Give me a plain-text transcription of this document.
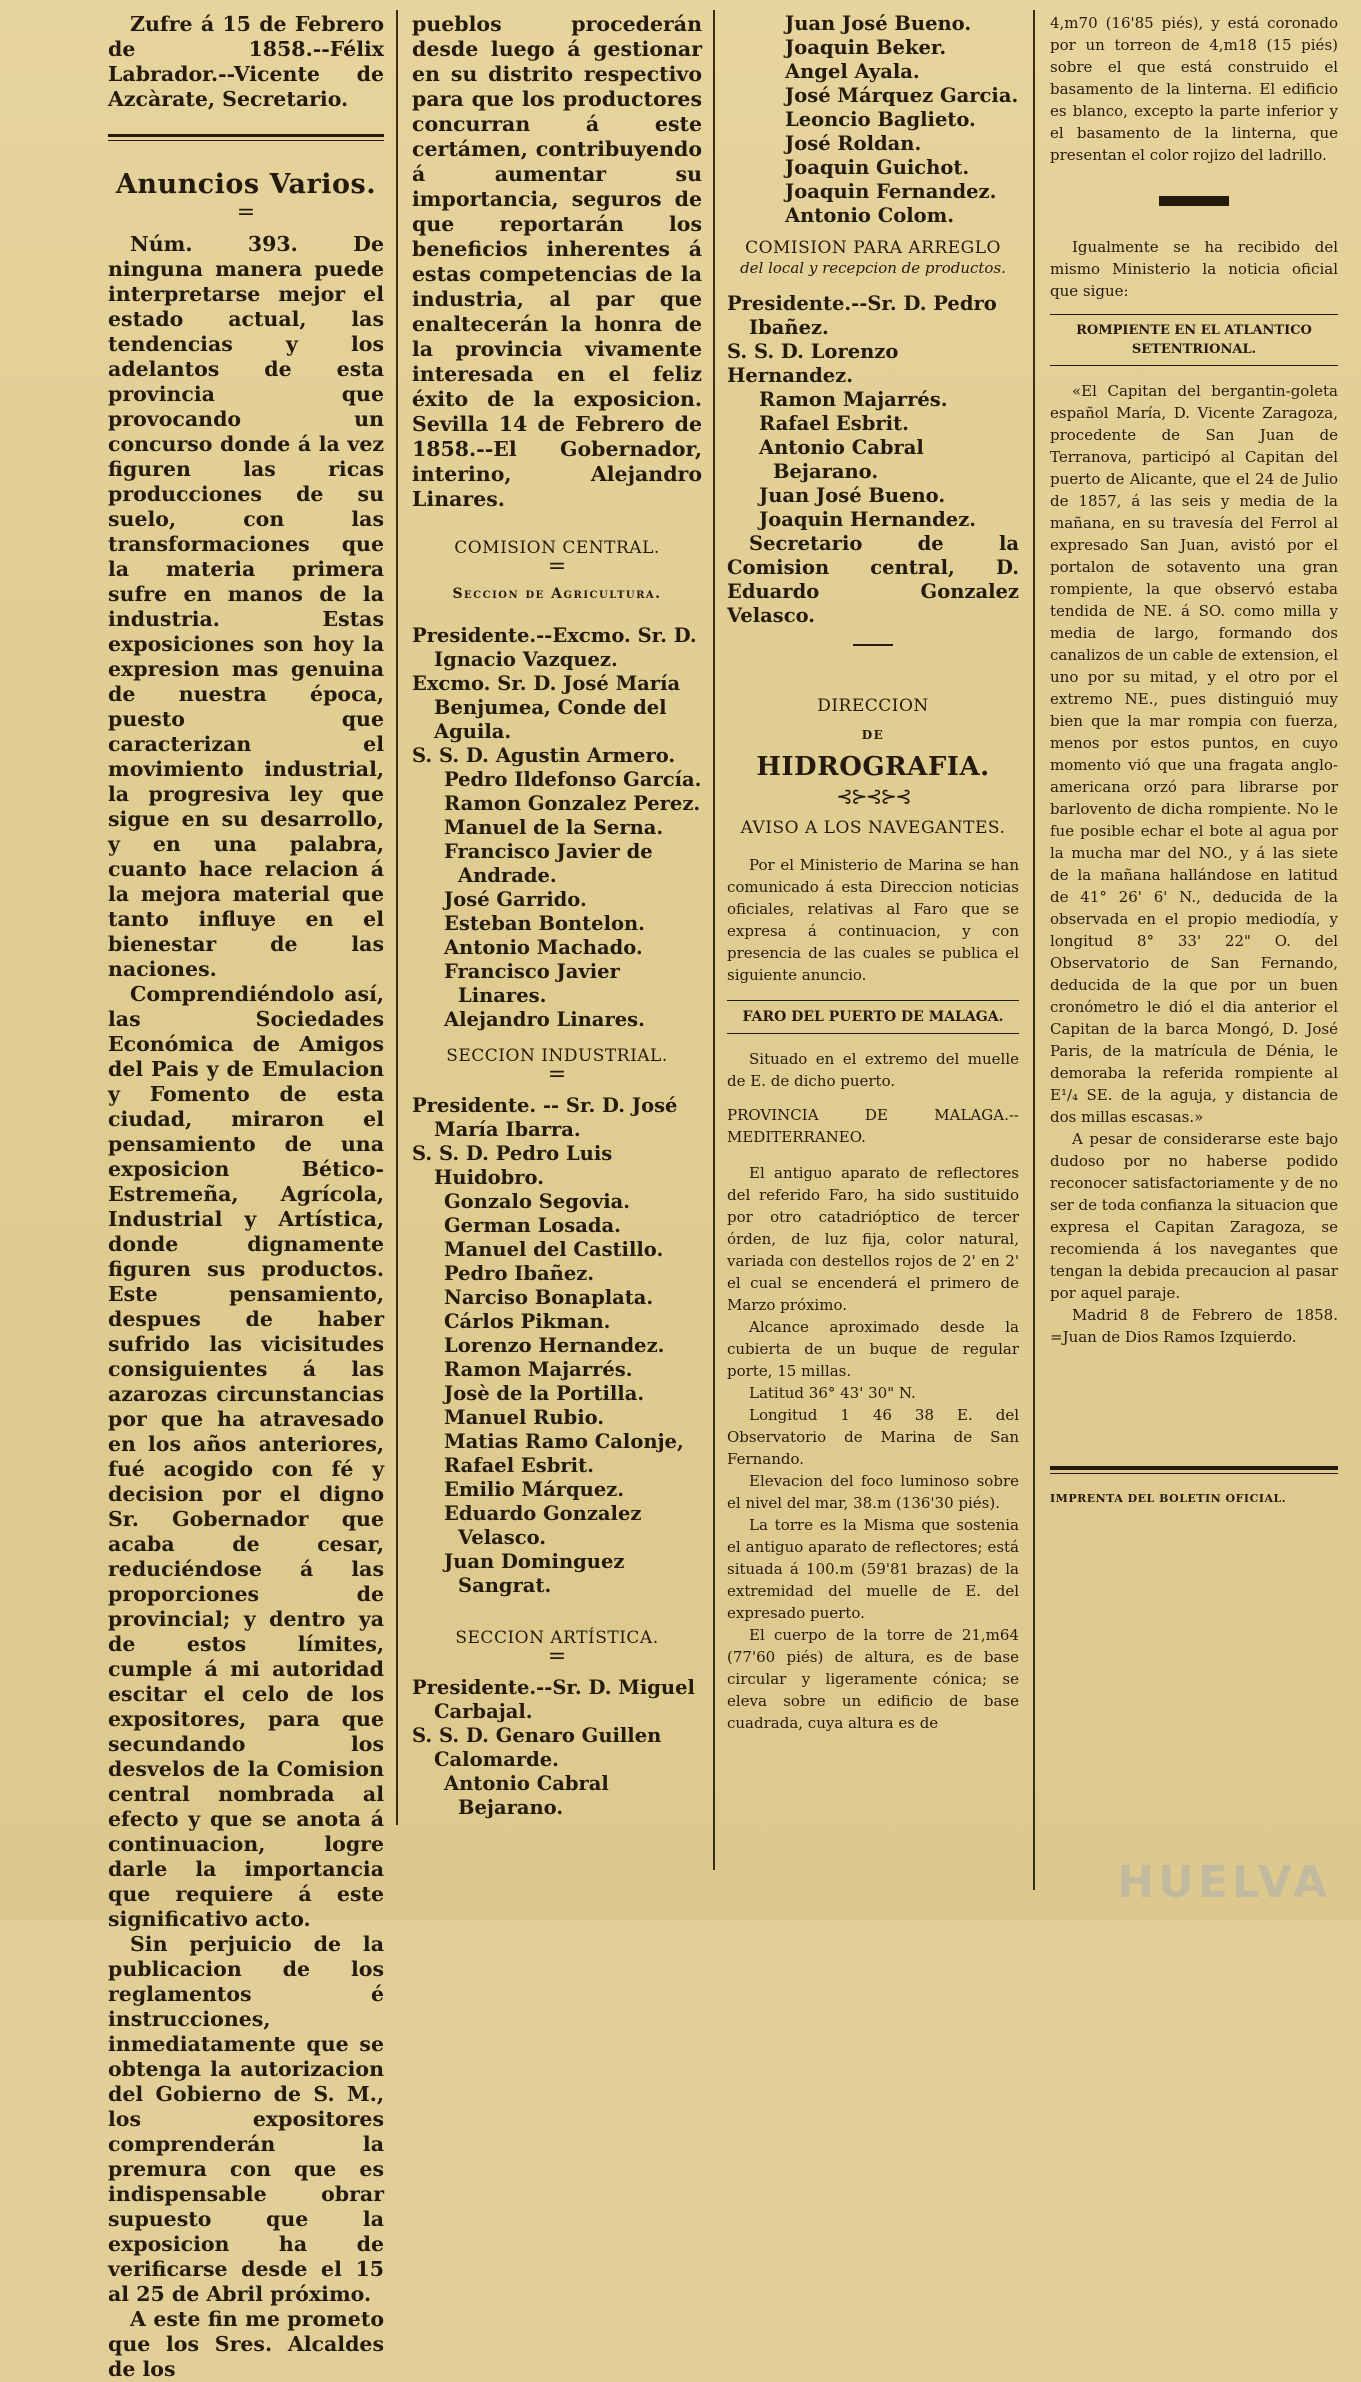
Zufre á 15 de Febrero de 1858.--Félix Labrador.--Vicente de Azcàrate, Secretario.

Anuncios Varios.

=

Núm. 393. De ninguna manera puede interpretarse mejor el estado actual, las tendencias y los adelantos de esta provincia que provocando un concurso donde á la vez figuren las ricas producciones de su suelo, con las transformaciones que la materia primera sufre en manos de la industria. Estas exposiciones son hoy la expresion mas genuina de nuestra época, puesto que caracterizan el movimiento industrial, la progresiva ley que sigue en su desarrollo, y en una palabra, cuanto hace relacion á la mejora material que tanto influye en el bienestar de las naciones.

Comprendiéndolo así, las Sociedades Económica de Amigos del Pais y de Emulacion y Fomento de esta ciudad, miraron el pensamiento de una exposicion Bético-Estremeña, Agrícola, Industrial y Artística, donde dignamente figuren sus productos. Este pensamiento, despues de haber sufrido las vicisitudes consiguientes á las azarozas circunstancias por que ha atravesado en los años anteriores, fué acogido con fé y decision por el digno Sr. Gobernador que acaba de cesar, reduciéndose á las proporciones de provincial; y dentro ya de estos límites, cumple á mi autoridad escitar el celo de los expositores, para que secundando los desvelos de la Comision central nombrada al efecto y que se anota á continuacion, logre darle la importancia que requiere á este significativo acto.

Sin perjuicio de la publicacion de los reglamentos é instrucciones, inmediatamente que se obtenga la autorizacion del Gobierno de S. M., los expositores comprenderán la premura con que es indispensable obrar supuesto que la exposicion ha de verificarse desde el 15 al 25 de Abril próximo.

A este fin me prometo que los Sres. Alcaldes de los

pueblos procederán desde luego á gestionar en su distrito respectivo para que los productores concurran á este certámen, contribuyendo á aumentar su importancia, seguros de que reportarán los beneficios inherentes á estas competencias de la industria, al par que enaltecerán la honra de la provincia vivamente interesada en el feliz éxito de la exposicion. Sevilla 14 de Febrero de 1858.--El Gobernador, interino, Alejandro Linares.

COMISION CENTRAL.

=

Seccion de Agricultura.

Presidente.--Excmo. Sr. D. Ignacio Vazquez.

Excmo. Sr. D. José María Benjumea, Conde del Aguila.

S. S. D. Agustin Armero.

Pedro Ildefonso García.

Ramon Gonzalez Perez.

Manuel de la Serna.

Francisco Javier de Andrade.

José Garrido.

Esteban Bontelon.

Antonio Machado.

Francisco Javier Linares.

Alejandro Linares.

SECCION INDUSTRIAL.

=

Presidente. -- Sr. D. José María Ibarra.

S. S. D. Pedro Luis Huidobro.

Gonzalo Segovia.

German Losada.

Manuel del Castillo.

Pedro Ibañez.

Narciso Bonaplata.

Cárlos Pikman.

Lorenzo Hernandez.

Ramon Majarrés.

Josè de la Portilla.

Manuel Rubio.

Matias Ramo Calonje,

Rafael Esbrit.

Emilio Márquez.

Eduardo Gonzalez Velasco.

Juan Dominguez Sangrat.

SECCION ARTÍSTICA.

=

Presidente.--Sr. D. Miguel Carbajal.

S. S. D. Genaro Guillen Calomarde.

Antonio Cabral Bejarano.

Juan José Bueno.

Joaquin Beker.

Angel Ayala.

José Márquez Garcia.

Leoncio Baglieto.

José Roldan.

Joaquin Guichot.

Joaquin Fernandez.

Antonio Colom.

COMISION PARA ARREGLO

del local y recepcion de productos.

Presidente.--Sr. D. Pedro Ibañez.

S. S. D. Lorenzo Hernandez.

Ramon Majarrés.

Rafael Esbrit.

Antonio Cabral Bejarano.

Juan José Bueno.

Joaquin Hernandez.

Secretario de la Comision central, D. Eduardo Gonzalez Velasco.

DIRECCION

DE

HIDROGRAFIA.

⊰⊱⊰⊱⊰

AVISO A LOS NAVEGANTES.

Por el Ministerio de Marina se han comunicado á esta Direccion noticias oficiales, relativas al Faro que se expresa á continuacion, y con presencia de las cuales se publica el siguiente anuncio.

FARO DEL PUERTO DE MALAGA.

Situado en el extremo del muelle de E. de dicho puerto.

PROVINCIA DE MALAGA.--MEDITERRANEO.

El antiguo aparato de reflectores del referido Faro, ha sido sustituido por otro catadrióptico de tercer órden, de luz fija, color natural, variada con destellos rojos de 2' en 2' el cual se encenderá el primero de Marzo próximo.

Alcance aproximado desde la cubierta de un buque de regular porte, 15 millas.

Latitud 36° 43' 30" N.

Longitud 1 46 38 E. del Observatorio de Marina de San Fernando.

Elevacion del foco luminoso sobre el nivel del mar, 38.m (136'30 piés).

La torre es la Misma que sostenia el antiguo aparato de reflectores; está situada á 100.m (59'81 brazas) de la extremidad del muelle de E. del expresado puerto.

El cuerpo de la torre de 21,m64 (77'60 piés) de altura, es de base circular y ligeramente cónica; se eleva sobre un edificio de base cuadrada, cuya altura es de

4,m70 (16'85 piés), y está coronado por un torreon de 4,m18 (15 piés) sobre el que está construido el basamento de la linterna. El edificio es blanco, excepto la parte inferior y el basamento de la linterna, que presentan el color rojizo del ladrillo.

Igualmente se ha recibido del mismo Ministerio la noticia oficial que sigue:

ROMPIENTE EN EL ATLANTICO SETENTRIONAL.

«El Capitan del bergantin-goleta español María, D. Vicente Zaragoza, procedente de San Juan de Terranova, participó al Capitan del puerto de Alicante, que el 24 de Julio de 1857, á las seis y media de la mañana, en su travesía del Ferrol al expresado San Juan, avistó por el portalon de sotavento una gran rompiente, la que observó estaba tendida de NE. á SO. como milla y media de largo, formando dos canalizos de un cable de extension, el uno por su mitad, y el otro por el extremo NE., pues distinguió muy bien que la mar rompia con fuerza, menos por estos puntos, en cuyo momento vió que una fragata anglo-americana orzó para librarse por barlovento de dicha rompiente. No le fue posible echar el bote al agua por la mucha mar del NO., y á las siete de la mañana hallándose en latitud de 41° 26' 6' N., deducida de la observada en el propio mediodía, y longitud 8° 33' 22" O. del Observatorio de San Fernando, deducida de la que por un buen cronómetro le dió el dia anterior el Capitan de la barca Mongó, D. José Paris, de la matrícula de Dénia, le demoraba la referida rompiente al E¹/₄ SE. de la aguja, y distancia de dos millas escasas.»

A pesar de considerarse este bajo dudoso por no haberse podido reconocer satisfactoriamente y de no ser de toda confianza la situacion que expresa el Capitan Zaragoza, se recomienda á los navegantes que tengan la debida precaucion al pasar por aquel paraje.

Madrid 8 de Febrero de 1858. =Juan de Dios Ramos Izquierdo.

IMPRENTA DEL BOLETIN OFICIAL.

HUELVA
